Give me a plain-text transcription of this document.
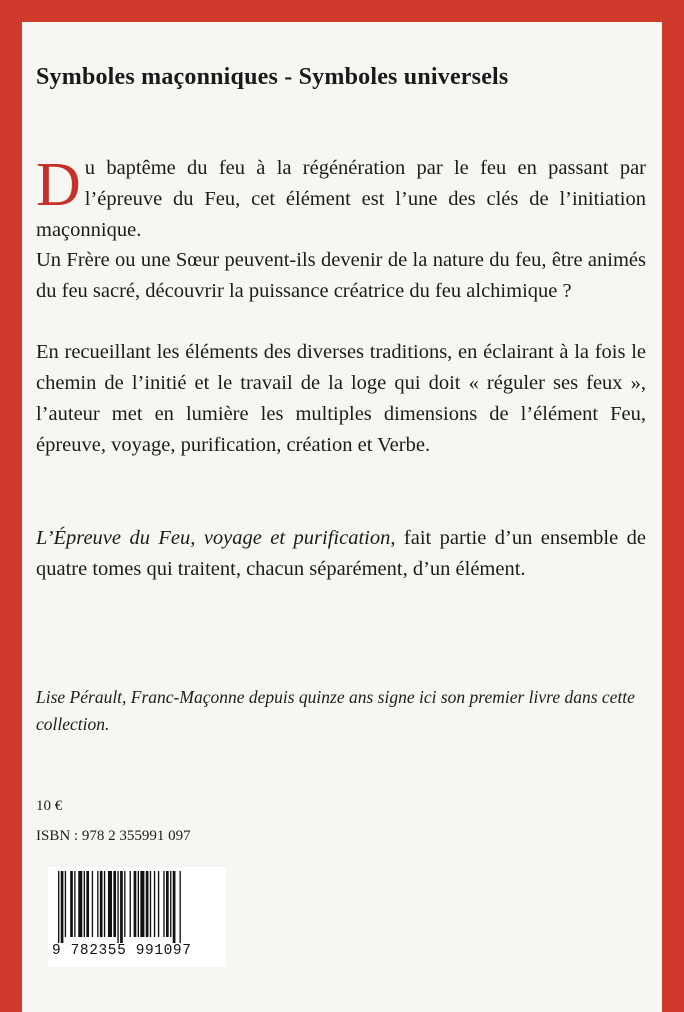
Symboles maçonniques - Symboles universels

Du baptême du feu à la régénération par le feu en passant par l’épreuve du Feu, cet élément est l’une des clés de l’initiation maçonnique.

Un Frère ou une Sœur peuvent-ils devenir de la nature du feu, être animés du feu sacré, découvrir la puissance créatrice du feu alchimique ?

En recueillant les éléments des diverses traditions, en éclairant à la fois le chemin de l’initié et le travail de la loge qui doit « réguler ses feux », l’auteur met en lumière les multiples dimensions de l’élément Feu, épreuve, voyage, purification, création et Verbe.

L’Épreuve du Feu, voyage et purification, fait partie d’un ensemble de quatre tomes qui traitent, chacun séparément, d’un élément.

Lise Pérault, Franc-Maçonne depuis quinze ans signe ici son premier livre dans cette collection.

10 €

ISBN : 978 2 355991 097

9 782355 991097
